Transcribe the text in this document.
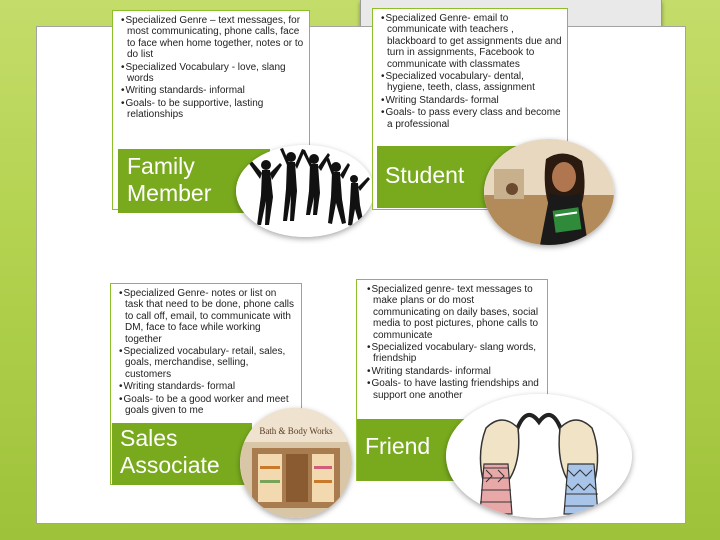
• Specialized Genre – text messages, for most communicating, phone calls, face to face when home together, notes or to do list
• Specialized Vocabulary - love, slang words
• Writing standards- informal
• Goals- to be supportive, lasting relationships
Family
Member
• Specialized Genre- email to communicate with teachers , blackboard to get assignments due and turn in assignments, Facebook to communicate with classmates
• Specialized vocabulary- dental, hygiene, teeth, class, assignment
• Writing Standards- formal
• Goals- to pass every class and become a professional
Student
• Specialized Genre- notes or list on task that need to be done, phone calls to call off, email, to communicate with DM, face to face while working together
• Specialized vocabulary- retail, sales, goals, merchandise, selling, customers
• Writing standards- formal
• Goals- to be a good worker and meet goals given to me
Sales
Associate
Bath & Body Works
• Specialized genre- text messages to make plans or do most communicating on daily bases, social media to post pictures, phone calls to communicate
• Specialized vocabulary- slang words, friendship
• Writing standards- informal
• Goals- to have lasting friendships and support one another
Friend
